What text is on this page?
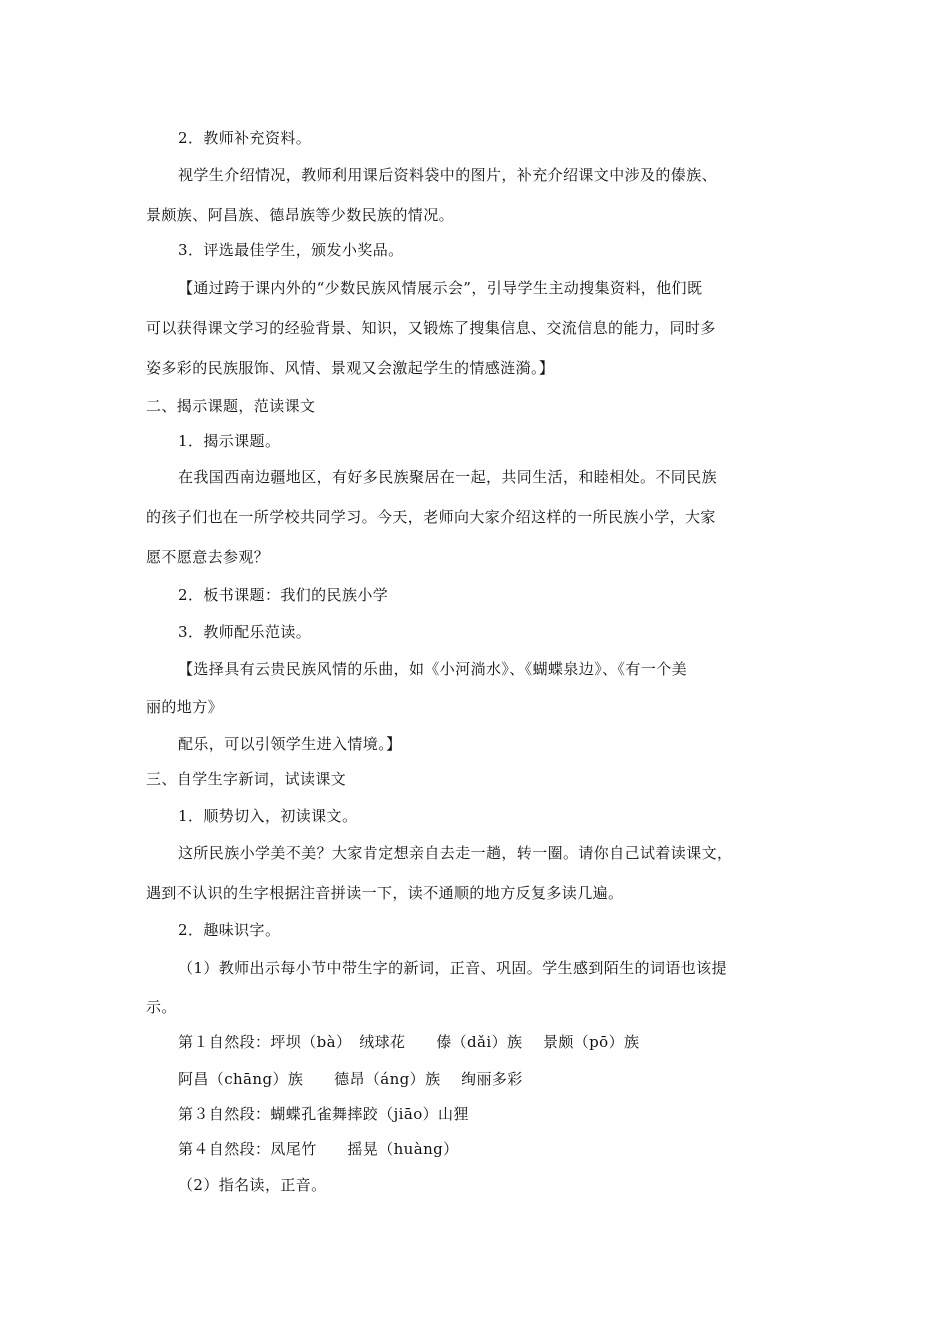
2．教师补充资料。
视学生介绍情况，教师利用课后资料袋中的图片，补充介绍课文中涉及的傣族、
景颇族、阿昌族、德昂族等少数民族的情况。
3．评选最佳学生，颁发小奖品。
【通过跨于课内外的“少数民族风情展示会”，引导学生主动搜集资料，他们既
可以获得课文学习的经验背景、知识，又锻炼了搜集信息、交流信息的能力，同时多
姿多彩的民族服饰、风情、景观又会激起学生的情感涟漪。】
二、揭示课题，范读课文
1．揭示课题。
在我国西南边疆地区，有好多民族聚居在一起，共同生活，和睦相处。不同民族
的孩子们也在一所学校共同学习。今天，老师向大家介绍这样的一所民族小学，大家
愿不愿意去参观？
2．板书课题：我们的民族小学
3．教师配乐范读。
【选择具有云贵民族风情的乐曲，如《小河淌水》、《蝴蝶泉边》、《有一个美
丽的地方》
配乐，可以引领学生进入情境。】
三、自学生字新词，试读课文
1．顺势切入，初读课文。
这所民族小学美不美？大家肯定想亲自去走一趟，转一圈。请你自己试着读课文，
遇到不认识的生字根据注音拼读一下，读不通顺的地方反复多读几遍。
2．趣味识字。
（1）教师出示每小节中带生字的新词，正音、巩固。学生感到陌生的词语也该提
示。
第１自然段：坪坝（bà）　绒球花　　傣（dǎi）族　 景颇（pō）族
阿昌（chāng）族　　德昂（áng）族　 绚丽多彩
第３自然段：蝴蝶孔雀舞摔跤（jiāo）山狸
第４自然段：凤尾竹　　摇晃（huàng）
（2）指名读，正音。
